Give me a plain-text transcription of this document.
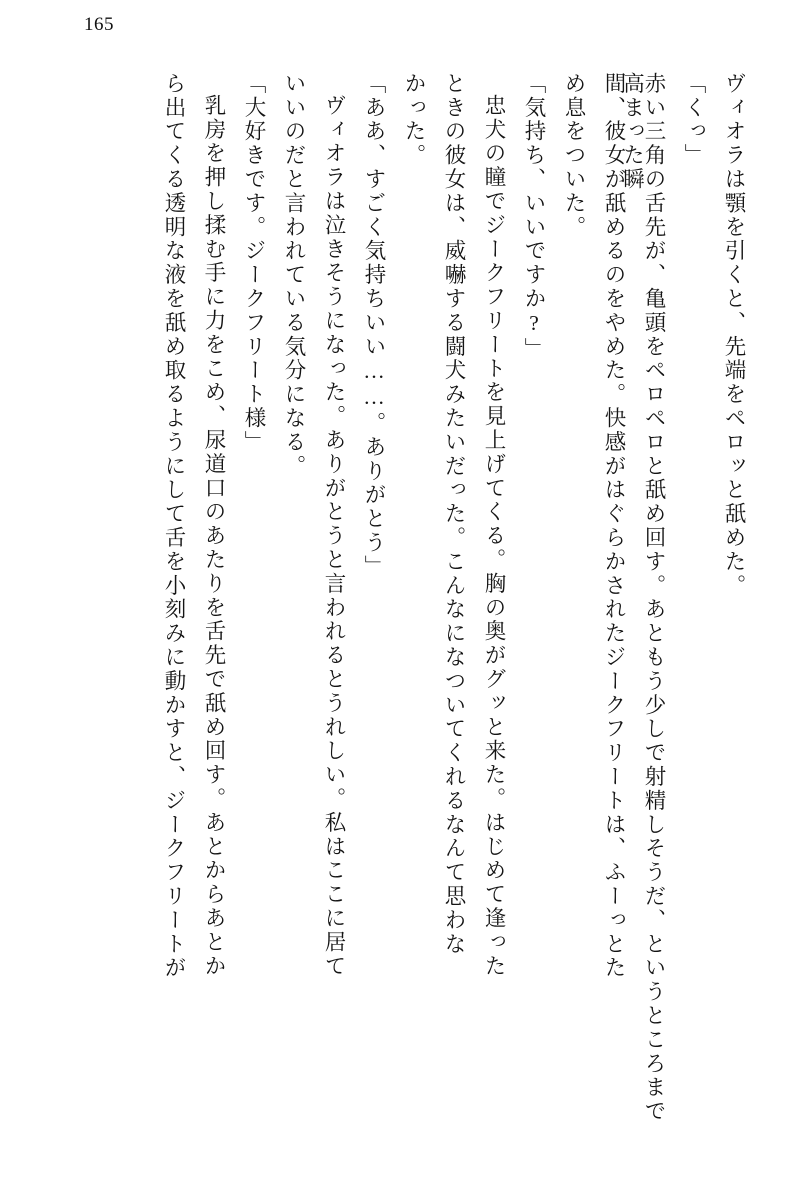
165
ヴィオラは顎を引くと、先端をペロッと舐めた。
「くっ」
赤い三角の舌先が、亀頭をペロペロと舐め回す。あともう少しで射精しそうだ、というところまで高まった瞬
間、彼女が舐めるのをやめた。快感がはぐらかされたジークフリートは、ふーっとた
め息をついた。
「気持ち、いいですか?」
忠犬の瞳でジークフリートを見上げてくる。胸の奥がグッと来た。はじめて逢った
ときの彼女は、威嚇する闘犬みたいだった。こんなになついてくれるなんて思わな
かった。
「ああ、すごく気持ちいい……。ありがとう」
ヴィオラは泣きそうになった。ありがとうと言われるとうれしい。私はここに居て
いいのだと言われている気分になる。
「大好きです。ジークフリート様」
乳房を押し揉む手に力をこめ、尿道口のあたりを舌先で舐め回す。あとからあとか
ら出てくる透明な液を舐め取るようにして舌を小刻みに動かすと、ジークフリートが
